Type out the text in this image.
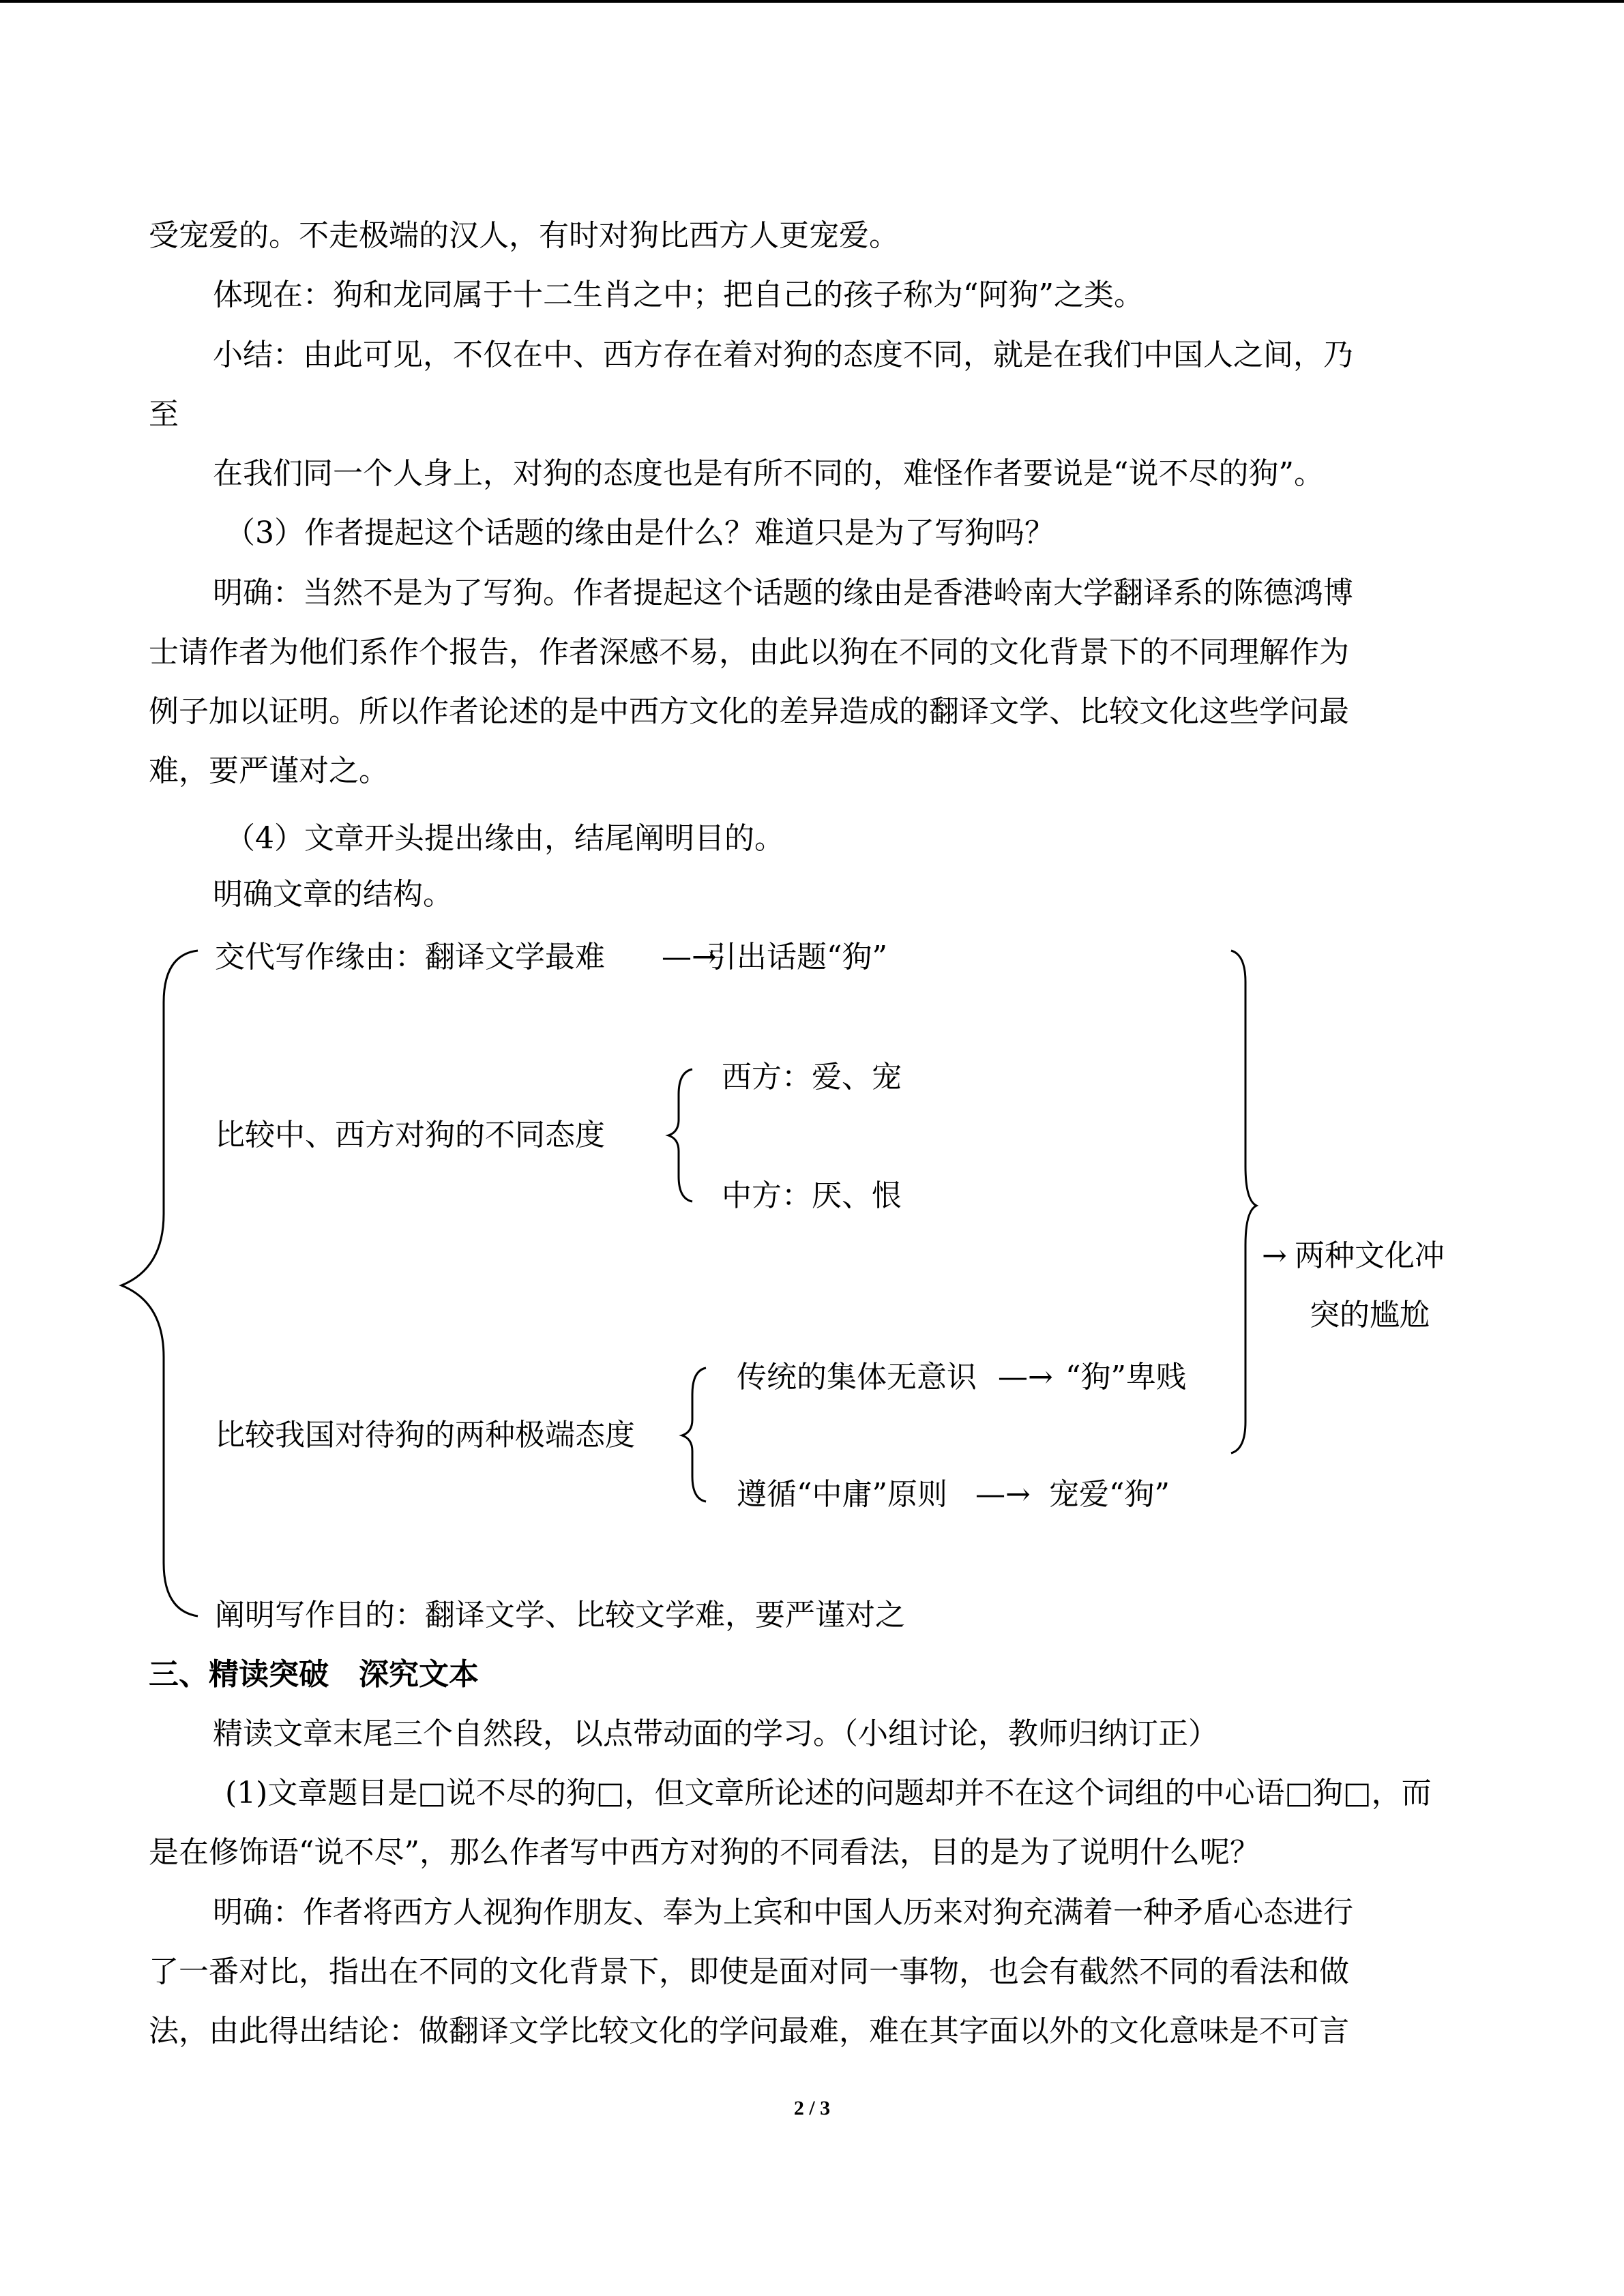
受宠爱的。不走极端的汉人，有时对狗比西方人更宠爱。
体现在：狗和龙同属于十二生肖之中；把自己的孩子称为“阿狗”之类。
小结：由此可见，不仅在中、西方存在着对狗的态度不同，就是在我们中国人之间，乃
至
在我们同一个人身上，对狗的态度也是有所不同的，难怪作者要说是“说不尽的狗”。
（3）作者提起这个话题的缘由是什么？难道只是为了写狗吗？
明确：当然不是为了写狗。作者提起这个话题的缘由是香港岭南大学翻译系的陈德鸿博
士请作者为他们系作个报告，作者深感不易，由此以狗在不同的文化背景下的不同理解作为
例子加以证明。所以作者论述的是中西方文化的差异造成的翻译文学、比较文化这些学问最
难，要严谨对之。
（4）文章开头提出缘由，结尾阐明目的。
明确文章的结构。
交代写作缘由：翻译文学最难 —→
引出话题“狗”
西方：爱、宠
比较中、西方对狗的不同态度
中方：厌、恨
→ 两种文化冲
突的尴尬
传统的集体无意识 —→ “狗”卑贱
比较我国对待狗的两种极端态度
遵循“中庸”原则 —→ 宠爱“狗”
阐明写作目的：翻译文学、比较文学难，要严谨对之
三、精读突破　深究文本
精读文章末尾三个自然段，以点带动面的学习。（小组讨论，教师归纳订正）
(1)文章题目是□说不尽的狗□，但文章所论述的问题却并不在这个词组的中心语□狗□，而
是在修饰语“说不尽”，那么作者写中西方对狗的不同看法，目的是为了说明什么呢？
明确：作者将西方人视狗作朋友、奉为上宾和中国人历来对狗充满着一种矛盾心态进行
了一番对比，指出在不同的文化背景下，即使是面对同一事物，也会有截然不同的看法和做
法，由此得出结论：做翻译文学比较文化的学问最难，难在其字面以外的文化意味是不可言
2 / 3
